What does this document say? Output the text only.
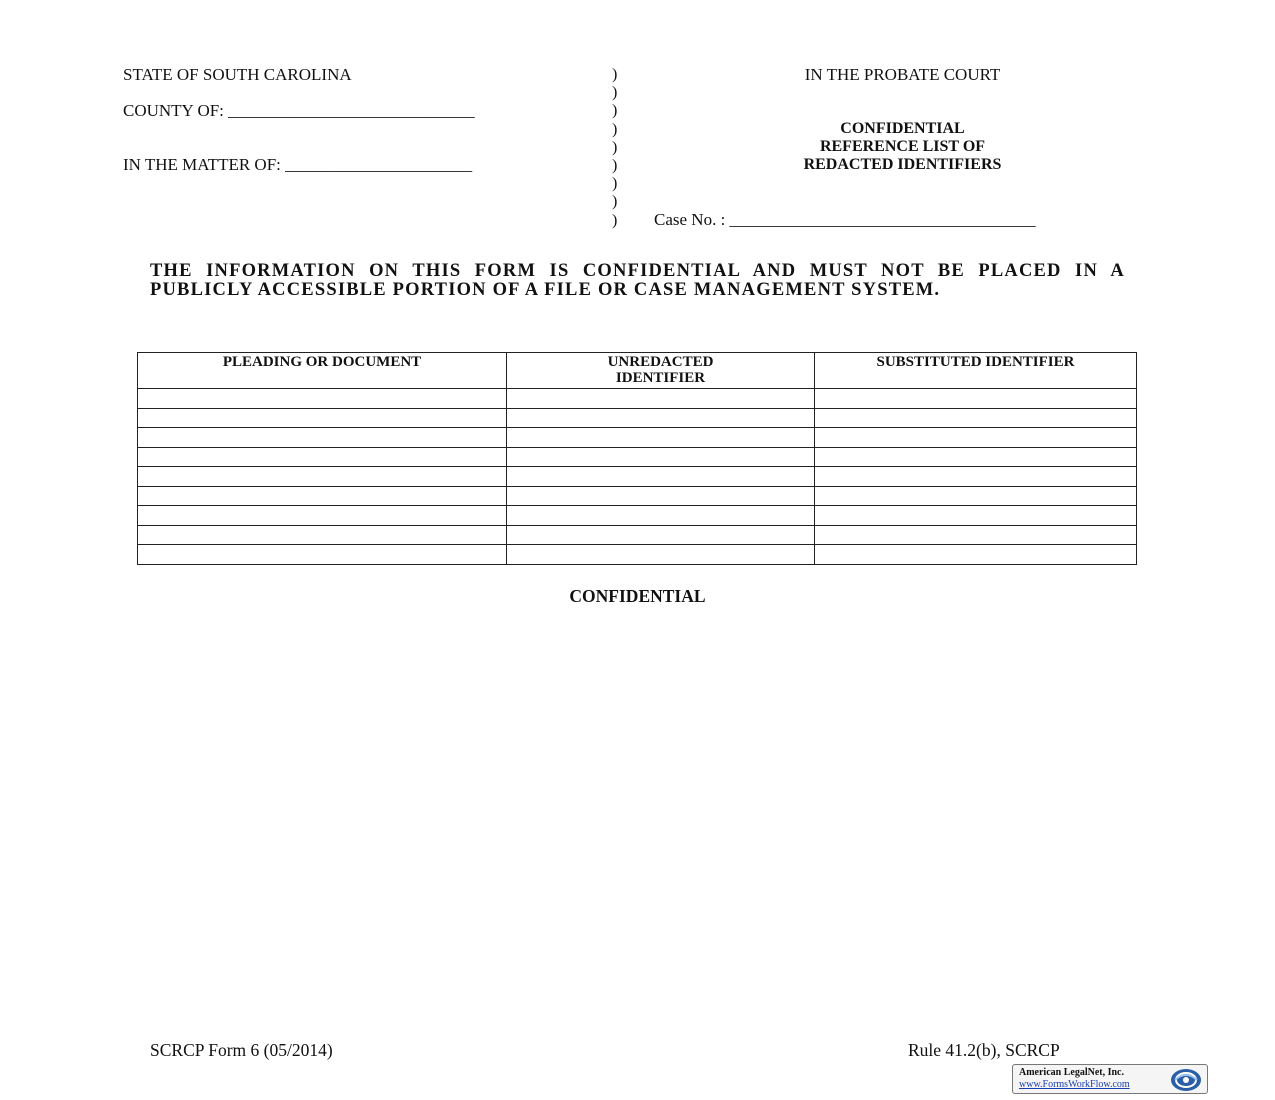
STATE OF SOUTH CAROLINA
COUNTY OF: _____________________________
IN THE MATTER OF: ______________________
)
)
)
)
)
)
)
)
)
IN THE PROBATE COURT
CONFIDENTIAL
REFERENCE LIST OF
REDACTED IDENTIFIERS
Case No. : ____________________________________
THE INFORMATION ON THIS FORM IS CONFIDENTIAL AND MUST NOT BE PLACED IN A PUBLICLY ACCESSIBLE PORTION OF A FILE OR CASE MANAGEMENT SYSTEM.
PLEADING OR DOCUMENT	UNREDACTED IDENTIFIER	SUBSTITUTED IDENTIFIER

CONFIDENTIAL
SCRCP Form 6 (05/2014)	Rule 41.2(b), SCRCP
American LegalNet, Inc.
www.FormsWorkFlow.com
